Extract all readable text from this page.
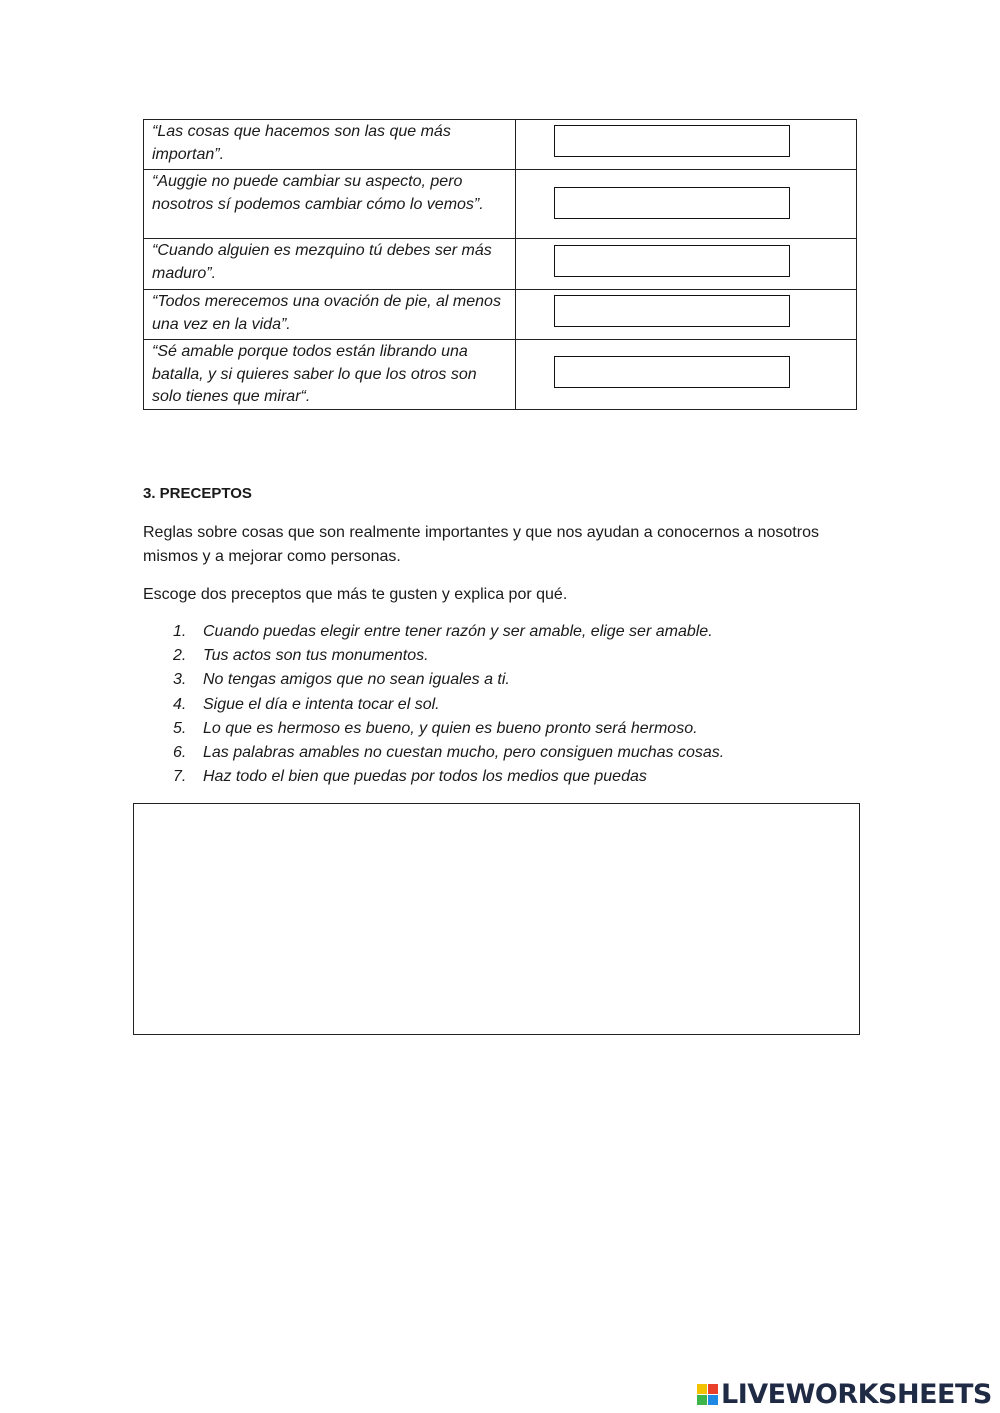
“Las cosas que hacemos son las que más importan”.	

“Auggie no puede cambiar su aspecto, pero nosotros sí podemos cambiar cómo lo vemos”.	

“Cuando alguien es mezquino tú debes ser más maduro”.	

“Todos merecemos una ovación de pie, al menos una vez en la vida”.	

“Sé amable porque todos están librando una batalla, y si quieres saber lo que los otros son solo tienes que mirar“.	
3. PRECEPTOS

Reglas sobre cosas que son realmente importantes y que nos ayudan a conocernos a nosotros mismos y a mejorar como personas.

Escoge dos preceptos que más te gusten y explica por qué.

1.	Cuando puedas elegir entre tener razón y ser amable, elige ser amable.
2.	Tus actos son tus monumentos.
3.	No tengas amigos que no sean iguales a ti.
4.	Sigue el día e intenta tocar el sol.
5.	Lo que es hermoso es bueno, y quien es bueno pronto será hermoso.
6.	Las palabras amables no cuestan mucho, pero consiguen muchas cosas.
7.	Haz todo el bien que puedas por todos los medios que puedas
LIVEWORKSHEETS
